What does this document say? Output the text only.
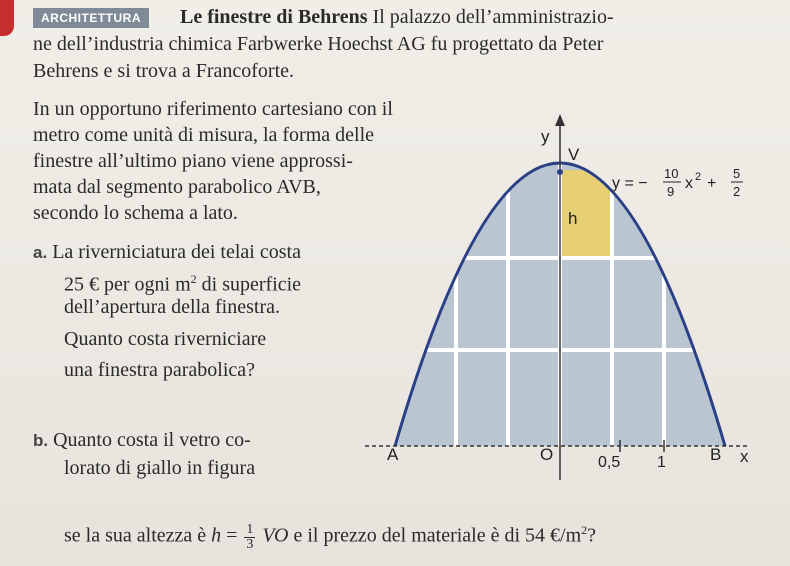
ARCHITETTURA	Le finestre di Behrens Il palazzo dell’amministrazio-
ne dell’industria chimica Farbwerke Hoechst AG fu progettato da Peter
Behrens e si trova a Francoforte.
In un opportuno riferimento cartesiano con il
metro come unità di misura, la forma delle
finestre all’ultimo piano viene approssi-
mata dal segmento parabolico AVB,
secondo lo schema a lato.
a. La riverniciatura dei telai costa
25 € per ogni $m^2$ di superficie
dell’apertura della finestra.
Quanto costa riverniciare
una finestra parabolica?
b. Quanto costa il vetro co-
lorato di giallo in figura
se la sua altezza è $h = \frac{1}{3}$ VO e il prezzo del materiale è di 54 $€/m^2$?
y
V
h
A	O	0,5 1	B x
y = −
10
9 x 2 +
5
2
